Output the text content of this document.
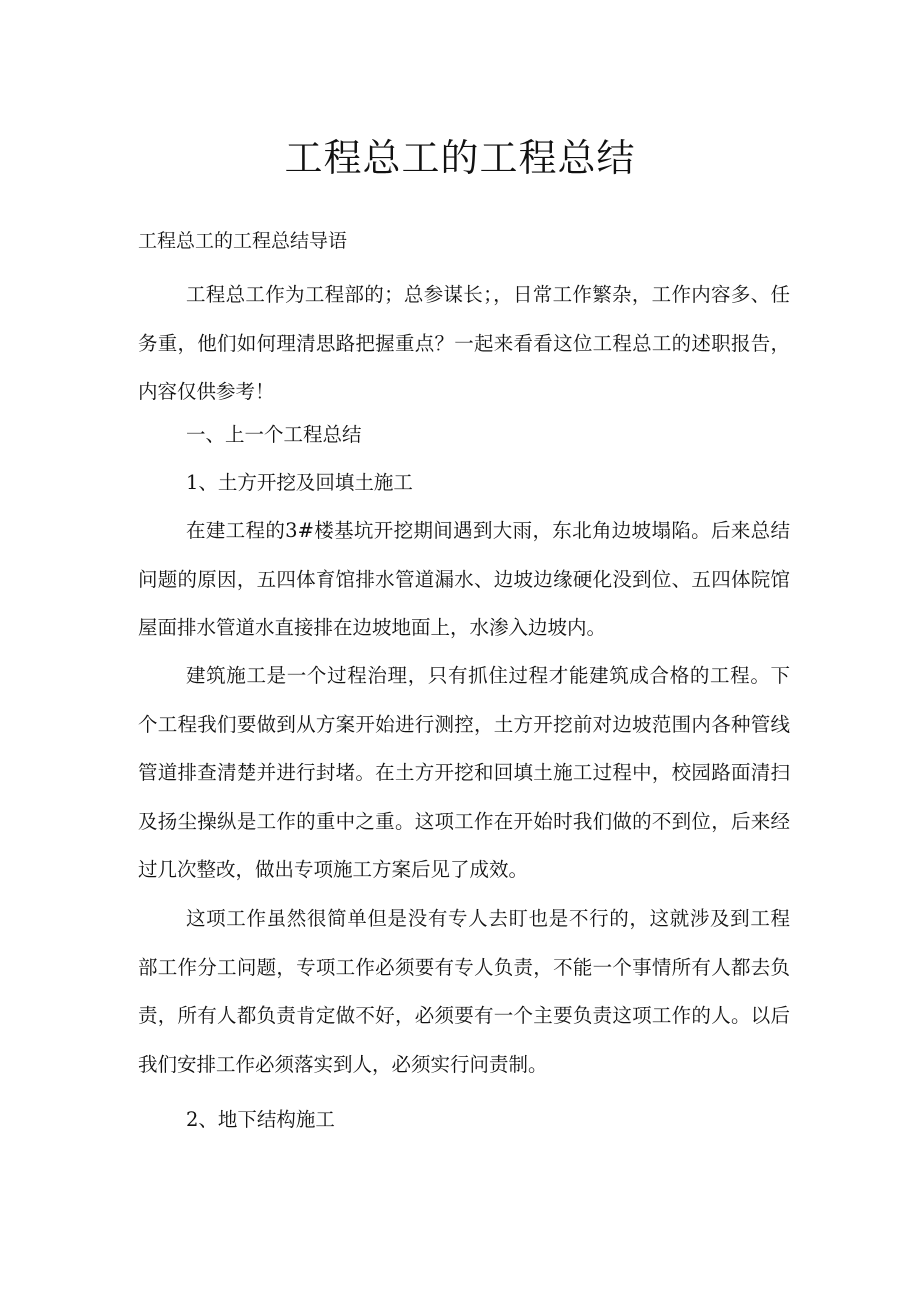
工程总工的工程总结

工程总工的工程总结导语

工程总工作为工程部的；总参谋长；，日常工作繁杂，工作内容多、任务重，他们如何理清思路把握重点？一起来看看这位工程总工的述职报告，内容仅供参考！

一、上一个工程总结

1、土方开挖及回填土施工

在建工程的3#楼基坑开挖期间遇到大雨，东北角边坡塌陷。后来总结问题的原因，五四体育馆排水管道漏水、边坡边缘硬化没到位、五四体院馆屋面排水管道水直接排在边坡地面上，水渗入边坡内。

建筑施工是一个过程治理，只有抓住过程才能建筑成合格的工程。下个工程我们要做到从方案开始进行测控，土方开挖前对边坡范围内各种管线管道排查清楚并进行封堵。在土方开挖和回填土施工过程中，校园路面清扫及扬尘操纵是工作的重中之重。这项工作在开始时我们做的不到位，后来经过几次整改，做出专项施工方案后见了成效。

这项工作虽然很简单但是没有专人去盯也是不行的，这就涉及到工程部工作分工问题，专项工作必须要有专人负责，不能一个事情所有人都去负责，所有人都负责肯定做不好，必须要有一个主要负责这项工作的人。以后我们安排工作必须落实到人，必须实行问责制。

2、地下结构施工
